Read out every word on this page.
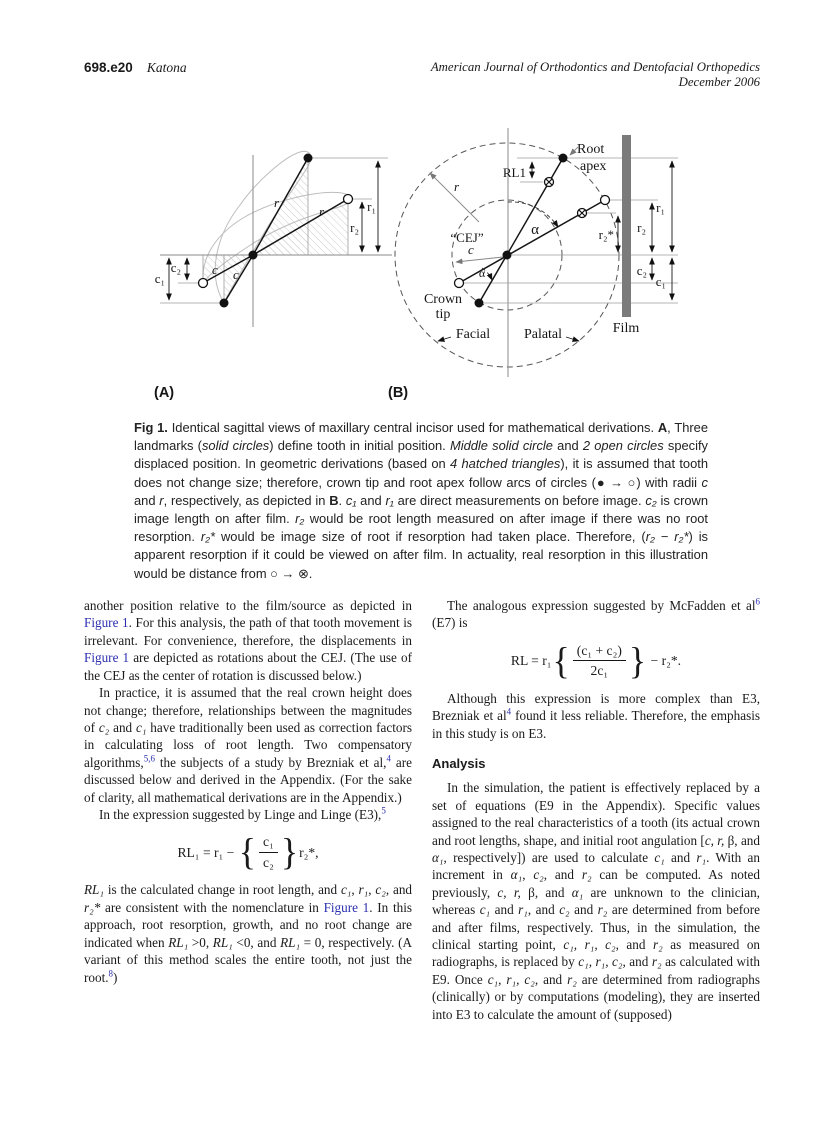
698.e20 Katona	American Journal of Orthodontics and Dentofacial Orthopedics
December 2006
r₁
r₂
c₁
c₂
r
r
c c
(A)
Root
apex
RL1
r
“CEJ”	α
α
c
Crown
tip
Facial Palatal	Film
r₁
r₂
r₂*
c₂
c₁
(B)
Fig 1. Identical sagittal views of maxillary central incisor used for mathematical derivations. A, Three landmarks (solid circles) define tooth in initial position. Middle solid circle and 2 open circles specify displaced position. In geometric derivations (based on 4 hatched triangles), it is assumed that tooth does not change size; therefore, crown tip and root apex follow arcs of circles (● → ○) with radii c and r, respectively, as depicted in B. c₁ and r₁ are direct measurements on before image. c₂ is crown image length on after film. r₂ would be root length measured on after image if there was no root resorption. r₂* would be image size of root if resorption had taken place. Therefore, (r₂ − r₂*) is apparent resorption if it could be viewed on after film. In actuality, real resorption in this illustration would be distance from ○ → ⊗.

another position relative to the film/source as depicted in Figure 1. For this analysis, the path of that tooth movement is irrelevant. For convenience, therefore, the displacements in Figure 1 are depicted as rotations about the CEJ. (The use of the CEJ as the center of rotation is discussed below.)

In practice, it is assumed that the real crown height does not change; therefore, relationships between the magnitudes of c₂ and c₁ have traditionally been used as correction factors in calculating loss of root length. Two compensatory algorithms,$^{5,6}$ the subjects of a study by Brezniak et al,$^4$ are discussed below and derived in the Appendix. (For the sake of clarity, all mathematical derivations are in the Appendix.)

In the expression suggested by Linge and Linge (E3),$^5$

RL₁ = r₁ − { $\frac{\text{c₁}}{\text{c₂}}$ } r₂*,

RL₁ is the calculated change in root length, and c₁, r₁, c₂, and r₂* are consistent with the nomenclature in Figure 1. In this approach, root resorption, growth, and no root change are indicated when RL₁ >0, RL₁ <0, and RL₁ = 0, respectively. (A variant of this method scales the entire tooth, not just the root.$^8$)

The analogous expression suggested by McFadden et al$^6$ (E7) is

RL = r₁ { $\frac{\text{(c₁ + c₂)}}{\text{2c₁}}$ } − r₂*.

Although this expression is more complex than E3, Brezniak et al$^4$ found it less reliable. Therefore, the emphasis in this study is on E3.

Analysis

In the simulation, the patient is effectively replaced by a set of equations (E9 in the Appendix). Specific values assigned to the real characteristics of a tooth (its actual crown and root lengths, shape, and initial root angulation [c, r, β, and α₁, respectively]) are used to calculate c₁ and r₁. With an increment in α₁, c₂, and r₂ can be computed. As noted previously, c, r, β, and α₁ are unknown to the clinician, whereas c₁ and r₁, and c₂ and r₂ are determined from before and after films, respectively. Thus, in the simulation, the clinical starting point, c₁, r₁, c₂, and r₂ as measured on radiographs, is replaced by c₁, r₁, c₂, and r₂ as calculated with E9. Once c₁, r₁, c₂, and r₂ are determined from radiographs (clinically) or by computations (modeling), they are inserted into E3 to calculate the amount of (supposed)
